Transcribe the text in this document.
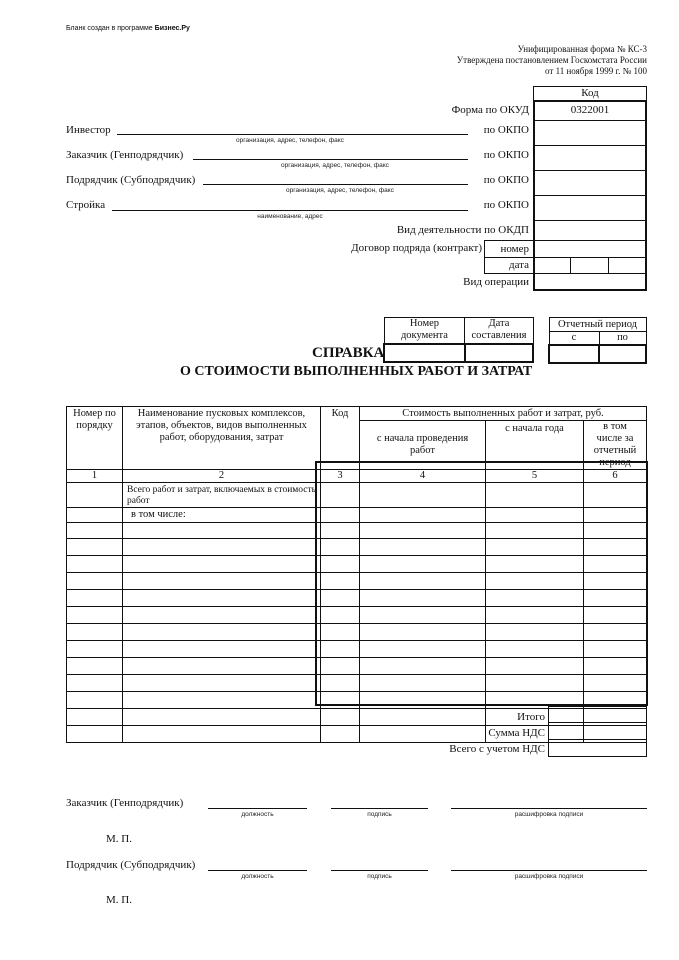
Бланк создан в программе Бизнес.Ру
Унифицированная форма № КС-3
Утверждена постановлением Госкомстата России
от 11 ноября 1999 г. № 100
Код
0322001
Форма по ОКУД
Инвестор
организация, адрес, телефон, факс
по ОКПО
Заказчик (Генподрядчик)
организация, адрес, телефон, факс
по ОКПО
Подрядчик (Субподрядчик)
организация, адрес, телефон, факс
по ОКПО
Стройка
наименование, адрес
по ОКПО
Вид деятельности по ОКДП
Договор подряда (контракт)	номер
дата
Вид операции
Номер документа	Дата составления

Отчетный период	
с	по

СПРАВКА
О СТОИМОСТИ ВЫПОЛНЕННЫХ РАБОТ И ЗАТРАТ
Номер по порядку	Наименование пусковых комплексов, этапов, объектов, видов выполненных работ, оборудования, затрат	Код	Стоимость выполненных работ и затрат, руб.		
			с начала проведения работ	с начала года	в том числе за отчетный период
1	2	3	4	5	6
	Всего работ и затрат, включаемых в стоимость работ				
	в том числе:				

Итого
Сумма НДС
Всего с учетом НДС
Заказчик (Генподрядчик)
должность	подпись	расшифровка подписи
М. П.
Подрядчик (Субподрядчик)
должность	подпись	расшифровка подписи
М. П.
